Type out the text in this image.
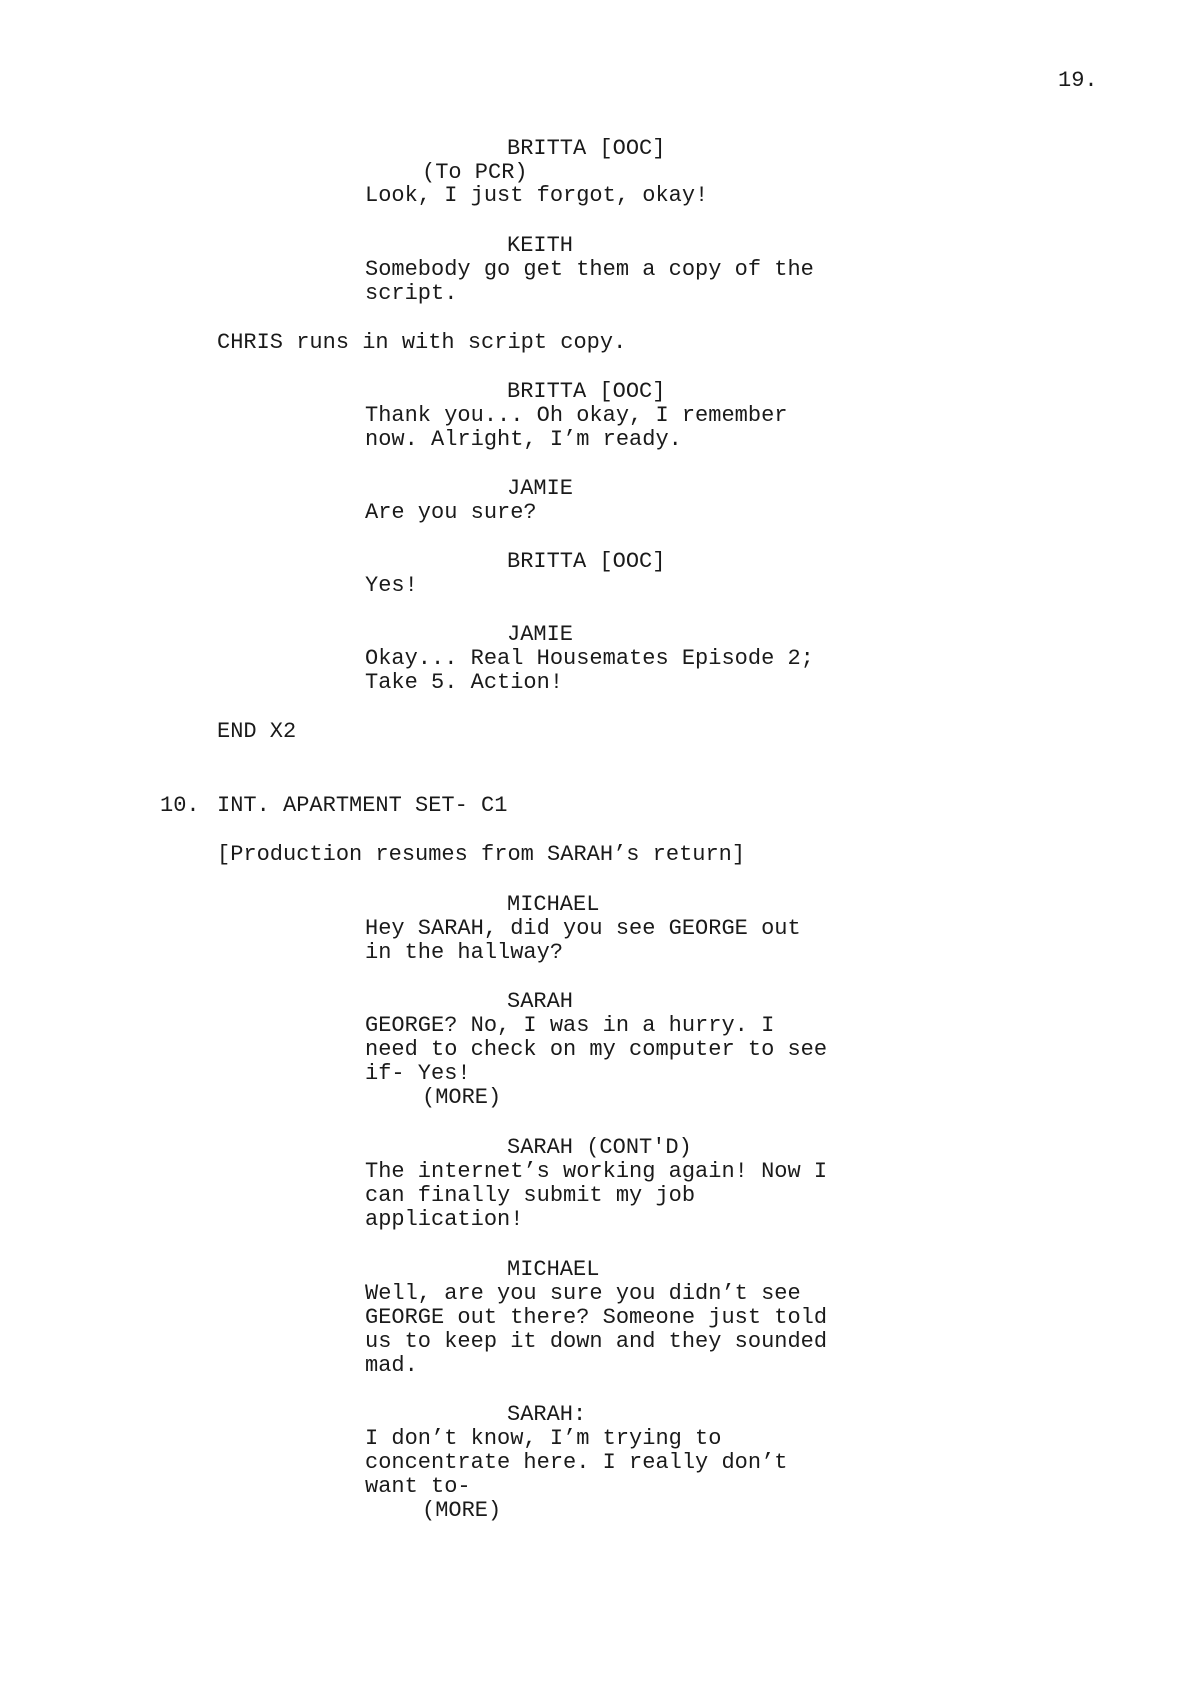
19.
BRITTA [OOC]
(To PCR)
Look, I just forgot, okay!
KEITH
Somebody go get them a copy of the
script.
CHRIS runs in with script copy.
BRITTA [OOC]
Thank you... Oh okay, I remember
now. Alright, I’m ready.
JAMIE
Are you sure?
BRITTA [OOC]
Yes!
JAMIE
Okay... Real Housemates Episode 2;
Take 5. Action!
END X2
10. INT. APARTMENT SET- C1
[Production resumes from SARAH’s return]
MICHAEL
Hey SARAH, did you see GEORGE out
in the hallway?
SARAH
GEORGE? No, I was in a hurry. I
need to check on my computer to see
if- Yes!
(MORE)
SARAH (CONT'D)
The internet’s working again! Now I
can finally submit my job
application!
MICHAEL
Well, are you sure you didn’t see
GEORGE out there? Someone just told
us to keep it down and they sounded
mad.
SARAH:
I don’t know, I’m trying to
concentrate here. I really don’t
want to-
(MORE)
